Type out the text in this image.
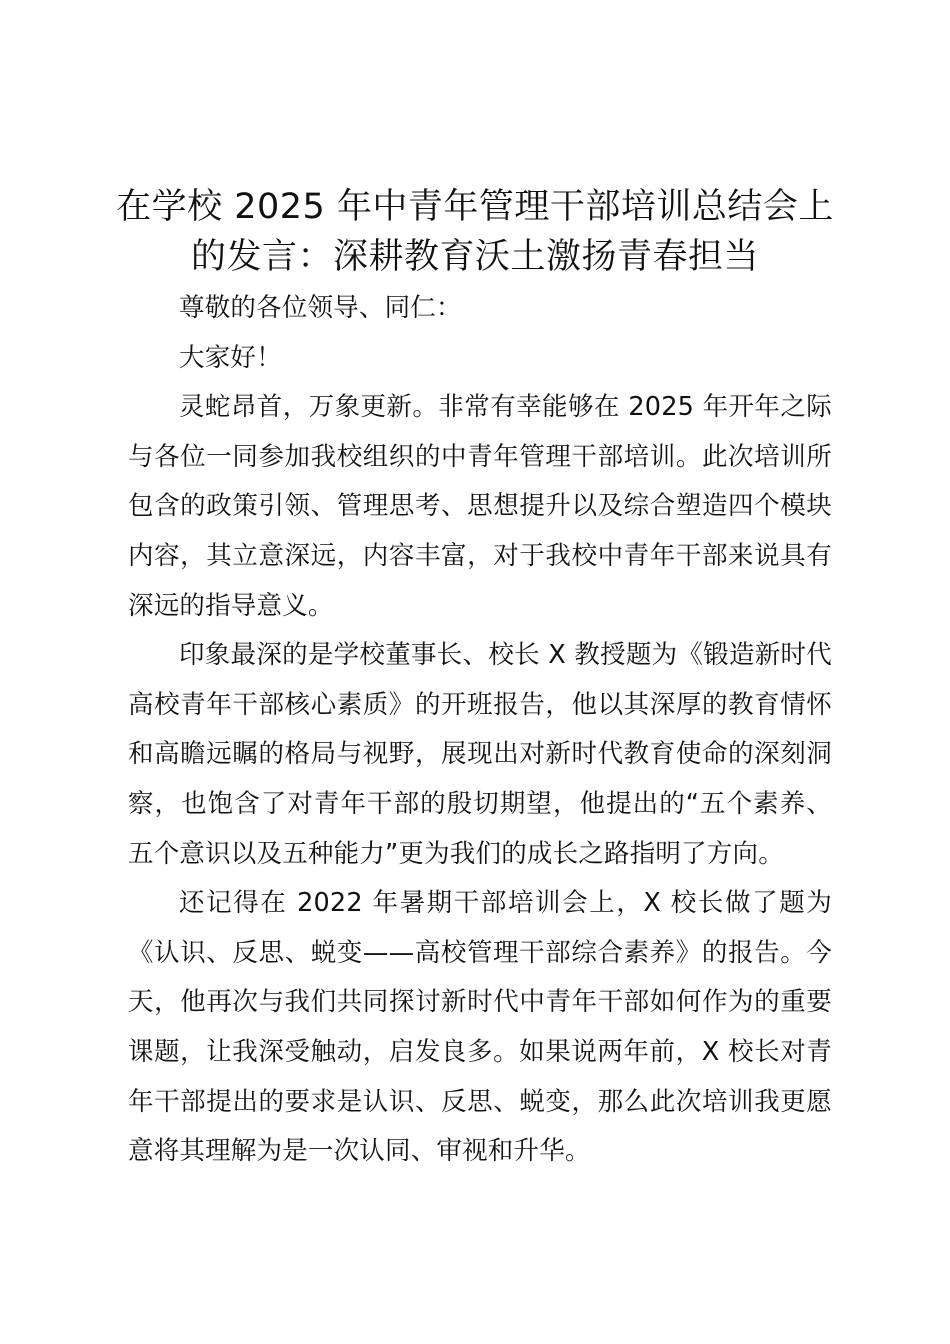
在学校 2025 年中青年管理干部培训总结会上的发言：深耕教育沃土激扬青春担当

尊敬的各位领导、同仁：

大家好！

灵蛇昂首，万象更新。非常有幸能够在 2025 年开年之际与各位一同参加我校组织的中青年管理干部培训。此次培训所包含的政策引领、管理思考、思想提升以及综合塑造四个模块内容，其立意深远，内容丰富，对于我校中青年干部来说具有深远的指导意义。

印象最深的是学校董事长、校长 X 教授题为《锻造新时代高校青年干部核心素质》的开班报告，他以其深厚的教育情怀和高瞻远瞩的格局与视野，展现出对新时代教育使命的深刻洞察，也饱含了对青年干部的殷切期望，他提出的“五个素养、五个意识以及五种能力”更为我们的成长之路指明了方向。

还记得在 2022 年暑期干部培训会上，X 校长做了题为《认识、反思、蜕变——高校管理干部综合素养》的报告。今天，他再次与我们共同探讨新时代中青年干部如何作为的重要课题，让我深受触动，启发良多。如果说两年前，X 校长对青年干部提出的要求是认识、反思、蜕变，那么此次培训我更愿意将其理解为是一次认同、审视和升华。
